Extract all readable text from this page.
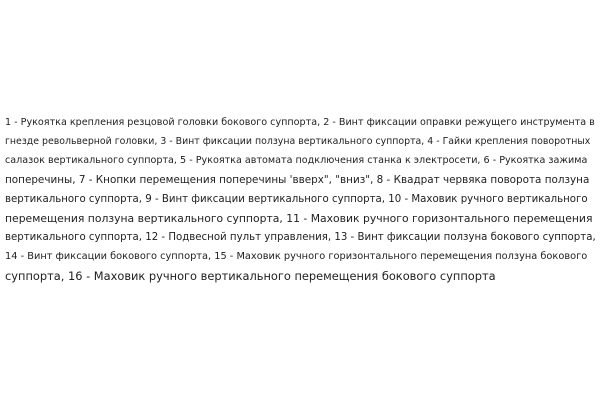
1 - Рукоятка крепления резцовой головки бокового суппорта, 2 - Винт фиксации оправки режущего инструмента в
гнезде револьверной головки, 3 - Винт фиксации ползуна вертикального суппорта, 4 - Гайки крепления поворотных
салазок вертикального суппорта, 5 - Рукоятка автомата подключения станка к электросети, 6 - Рукоятка зажима
поперечины, 7 - Кнопки перемещения поперечины 'вверх", "вниз", 8 - Квадрат червяка поворота ползуна
вертикального суппорта, 9 - Винт фиксации вертикального суппорта, 10 - Маховик ручного вертикального
перемещения ползуна вертикального суппорта, 11 - Маховик ручного горизонтального перемещения
вертикального суппорта, 12 - Подвесной пульт управления, 13 - Винт фиксации ползуна бокового суппорта,
14 - Винт фиксации бокового суппорта, 15 - Маховик ручного горизонтального перемещения ползуна бокового
суппорта, 16 - Маховик ручного вертикального перемещения бокового суппорта
